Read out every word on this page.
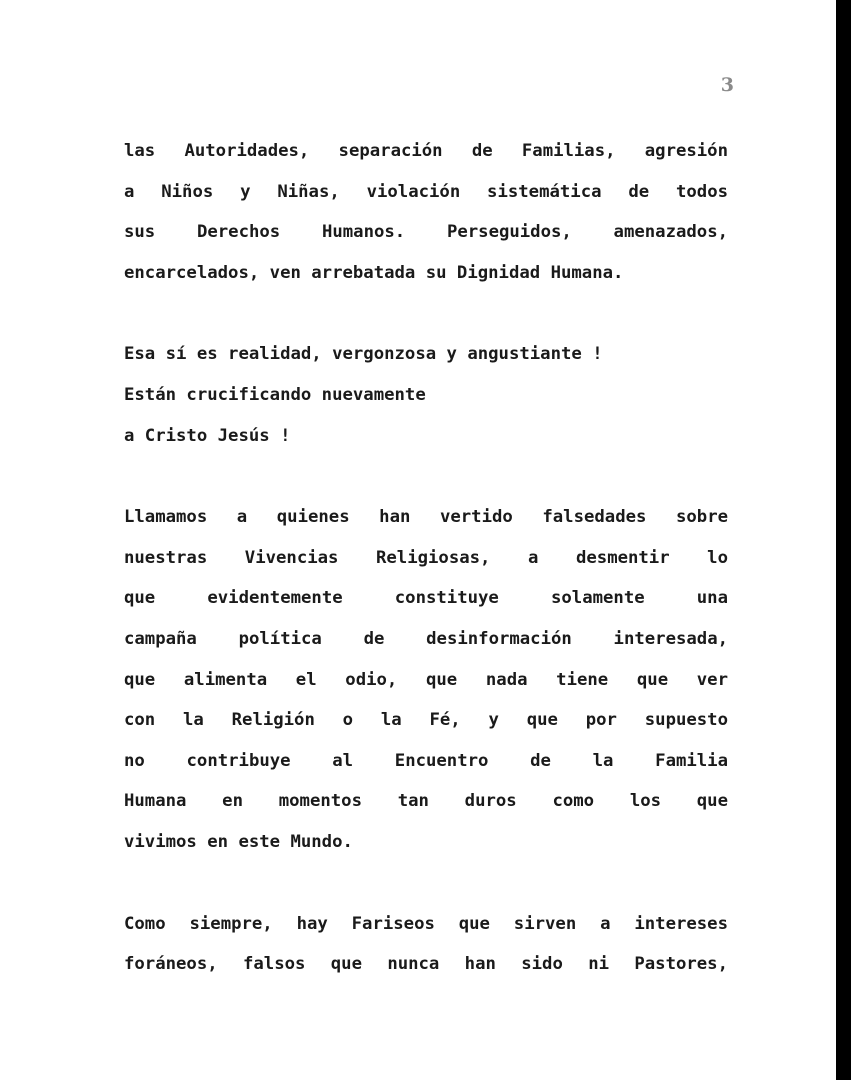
3

las Autoridades, separación de Familias, agresión
a Niños y Niñas, violación sistemática de todos
sus Derechos Humanos. Perseguidos, amenazados,
encarcelados, ven arrebatada su Dignidad Humana.

Esa sí es realidad, vergonzosa y angustiante !
Están crucificando nuevamente
a Cristo Jesús !

Llamamos a quienes han vertido falsedades sobre
nuestras Vivencias Religiosas, a desmentir lo
que evidentemente constituye solamente una
campaña política de desinformación interesada,
que alimenta el odio, que nada tiene que ver
con la Religión o la Fé, y que por supuesto
no contribuye al Encuentro de la Familia
Humana en momentos tan duros como los que
vivimos en este Mundo.

Como siempre, hay Fariseos que sirven a intereses
foráneos, falsos que nunca han sido ni Pastores,
